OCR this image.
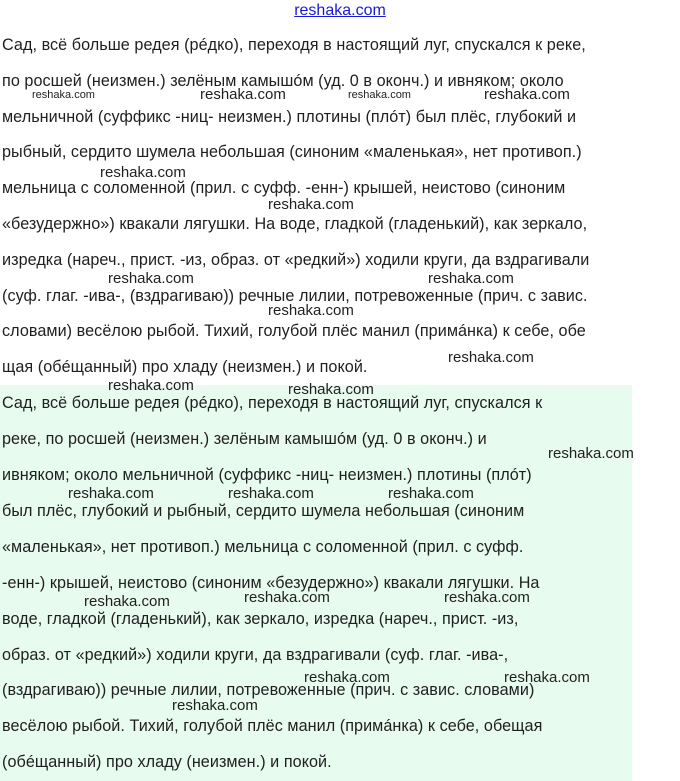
reshaka.com
Сад, всё больше редея (рéдко), переходя в настоящий луг, спускался к реке,
по росшей (неизмен.) зелёным камышóм (уд. 0 в оконч.) и ивняком; около
мельничной (суффикс -ниц- неизмен.) плотины (плóт) был плёс, глубокий и
рыбный, сердито шумела небольшая (синоним «маленькая», нет противоп.)
мельница с соломенной (прил. с суфф. -енн-) крышей, неистово (синоним
«безудержно») квакали лягушки. На воде, гладкой (гладенький), как зеркало,
изредка (нареч., прист. -из, образ. от «редкий») ходили круги, да вздрагивали
(суф. глаг. -ива-, (вздрагиваю)) речные лилии, потревоженные (прич. с завис.
словами) весёлою рыбой. Тихий, голубой плёс манил (примáнка) к себе, обе
щая (обéщанный) про хладу (неизмен.) и покой.
Сад, всё больше редея (рéдко), переходя в настоящий луг, спускался к
реке, по росшей (неизмен.) зелёным камышóм (уд. 0 в оконч.) и
ивняком; около мельничной (суффикс -ниц- неизмен.) плотины (плóт)
был плёс, глубокий и рыбный, сердито шумела небольшая (синоним
«маленькая», нет противоп.) мельница с соломенной (прил. с суфф.
-енн-) крышей, неистово (синоним «безудержно») квакали лягушки. На
воде, гладкой (гладенький), как зеркало, изредка (нареч., прист. -из,
образ. от «редкий») ходили круги, да вздрагивали (суф. глаг. -ива-,
(вздрагиваю)) речные лилии, потревоженные (прич. с завис. словами)
весёлою рыбой. Тихий, голубой плёс манил (примáнка) к себе, обещая
(обéщанный) про хладу (неизмен.) и покой.
reshaka.com	reshaka.com	reshaka.com	reshaka.com
reshaka.com
reshaka.com
reshaka.com	reshaka.com
reshaka.com
reshaka.com
reshaka.com	reshaka.com
reshaka.com
reshaka.com	reshaka.com	reshaka.com
reshaka.com	reshaka.com	reshaka.com
reshaka.com	reshaka.com
reshaka.com
